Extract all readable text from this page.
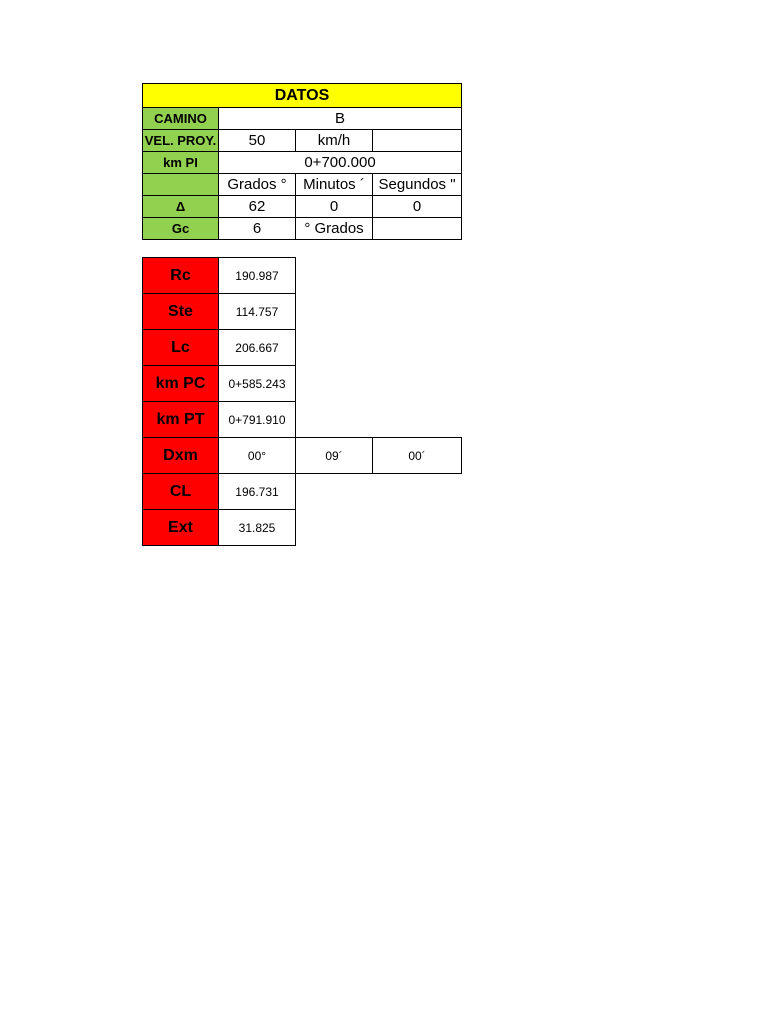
DATOS			
CAMINO	B		
VEL. PROY.	50	km/h	
km PI	0+700.000		
	Grados °	Minutos ´	Segundos "
Δ	62	0	0
Gc	6	° Grados	
Rc	190.987		
Ste	114.757		
Lc	206.667		
km PC	0+585.243		
km PT	0+791.910		
Dxm	00°	09´	00´
CL	196.731		
Ext	31.825		
